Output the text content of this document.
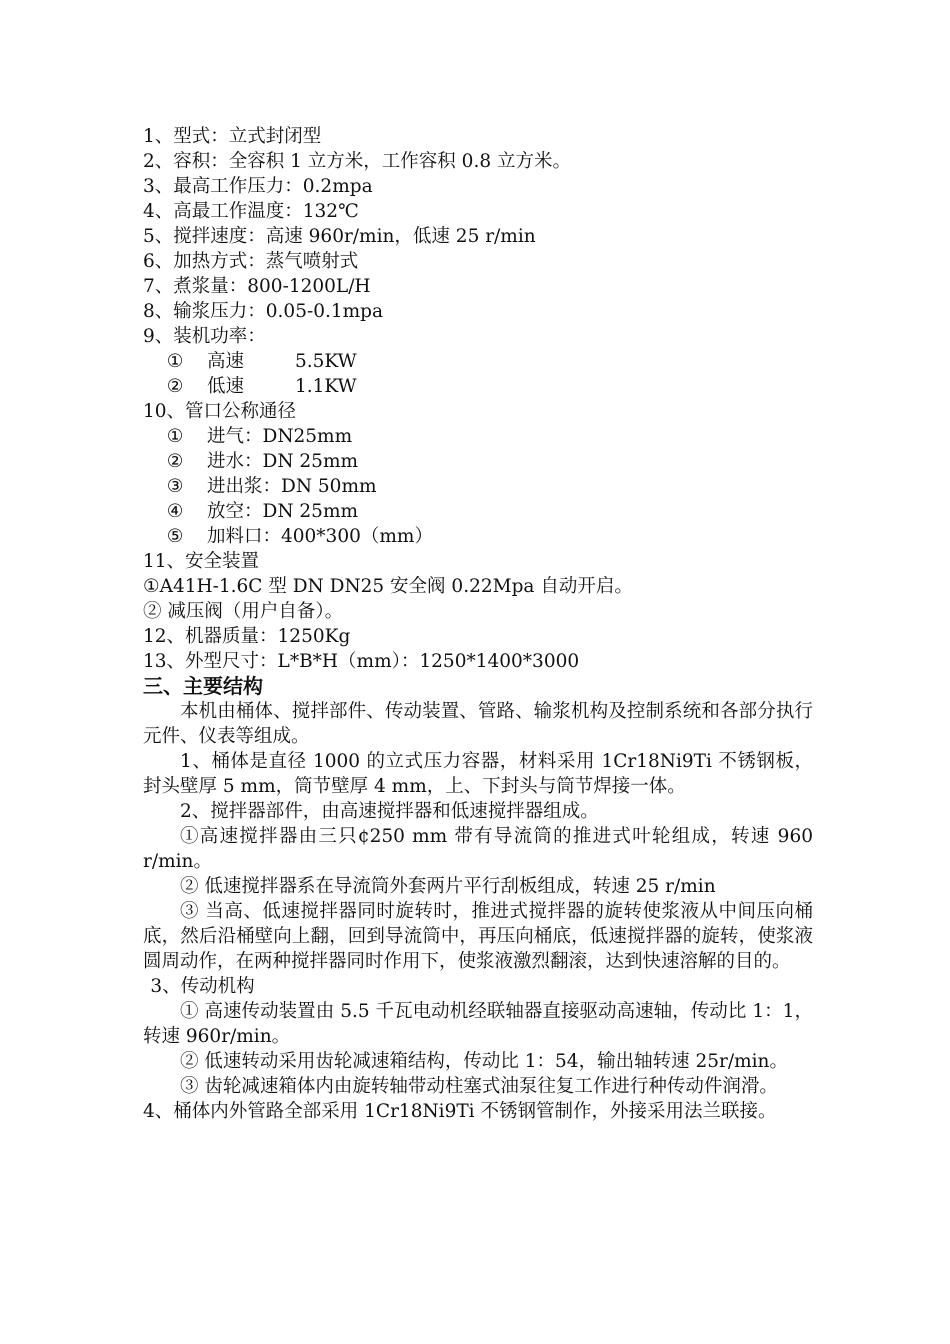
1、型式：立式封闭型
2、容积：全容积 1 立方米，工作容积 0.8 立方米。
3、最高工作压力：0.2mpa
4、高最工作温度：132℃
5、搅拌速度：高速 960r/min，低速 25 r/min
6、加热方式：蒸气喷射式
7、煮浆量：800-1200L/H
8、输浆压力：0.05-0.1mpa
9、装机功率：
①	高速	5.5KW
②	低速	1.1KW
10、管口公称通径
①	进气：DN25mm
②	进水：DN 25mm
③	进出浆：DN 50mm
④	放空：DN 25mm
⑤	加料口：400*300（mm）
11、安全装置
①A41H-1.6C 型 DN DN25 安全阀 0.22Mpa 自动开启。
② 减压阀（用户自备）。
12、机器质量：1250Kg
13、外型尺寸：L*B*H（mm）：1250*1400*3000
三、主要结构
本机由桶体、搅拌部件、传动装置、管路、输浆机构及控制系统和各部分执行元件、仪表等组成。
1、桶体是直径 1000 的立式压力容器，材料采用 1Cr18Ni9Ti 不锈钢板，封头壁厚 5 mm，筒节壁厚 4 mm，上、下封头与筒节焊接一体。
2、搅拌器部件，由高速搅拌器和低速搅拌器组成。
①高速搅拌器由三只¢250 mm 带有导流筒的推进式叶轮组成，转速 960 r/min。
② 低速搅拌器系在导流筒外套两片平行刮板组成，转速 25 r/min
③ 当高、低速搅拌器同时旋转时，推进式搅拌器的旋转使浆液从中间压向桶底，然后沿桶壁向上翻，回到导流筒中，再压向桶底，低速搅拌器的旋转，使浆液圆周动作，在两种搅拌器同时作用下，使浆液激烈翻滚，达到快速溶解的目的。
3、传动机构
① 高速传动装置由 5.5 千瓦电动机经联轴器直接驱动高速轴，传动比 1：1，转速 960r/min。
② 低速转动采用齿轮减速箱结构，传动比 1：54，输出轴转速 25r/min。
③ 齿轮减速箱体内由旋转轴带动柱塞式油泵往复工作进行种传动件润滑。
4、桶体内外管路全部采用 1Cr18Ni9Ti 不锈钢管制作，外接采用法兰联接。
